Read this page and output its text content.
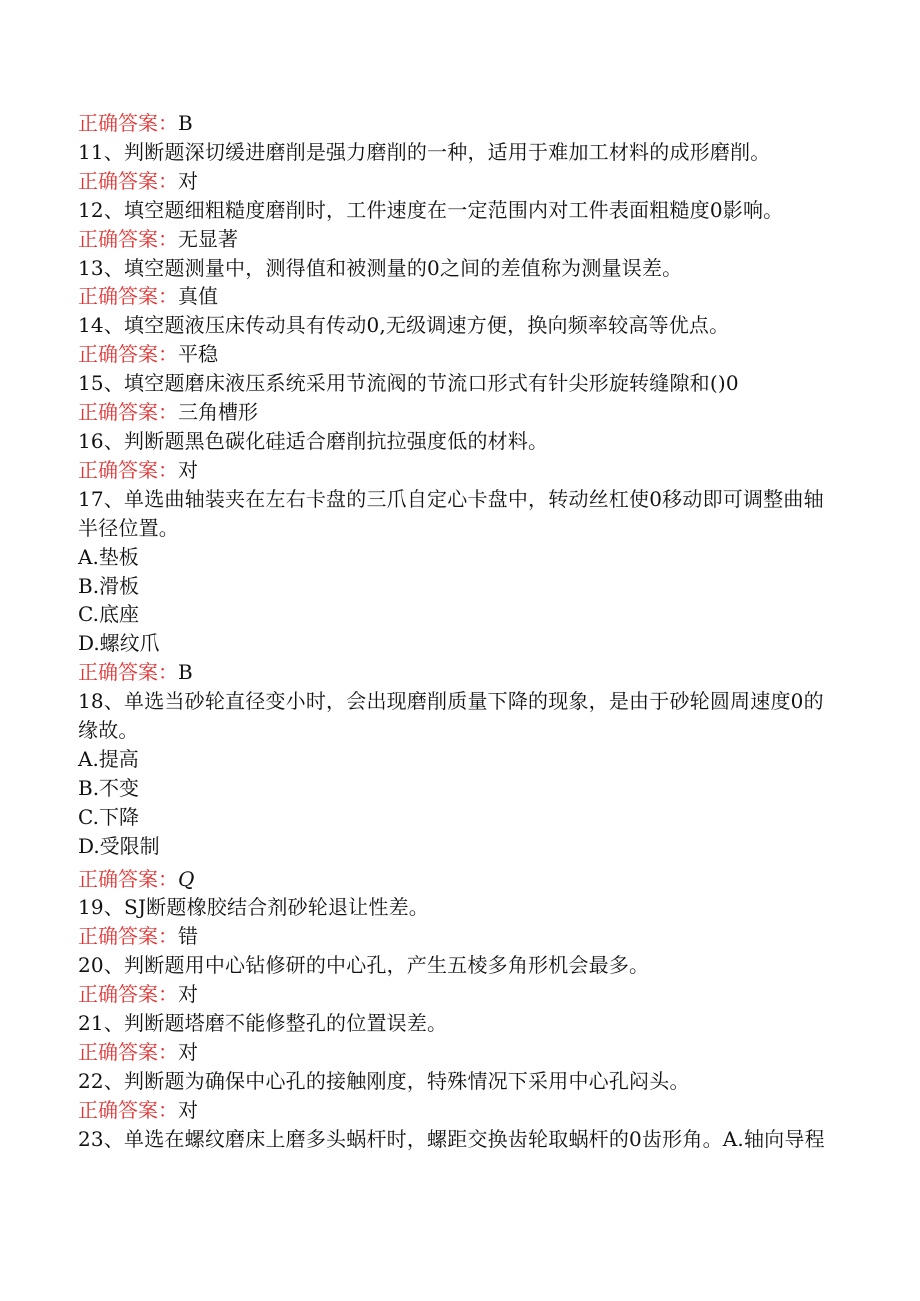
正确答案：B
11、判断题深切缓进磨削是强力磨削的一种，适用于难加工材料的成形磨削。
正确答案：对
12、填空题细粗糙度磨削时，工件速度在一定范围内对工件表面粗糙度0影响。
正确答案：无显著
13、填空题测量中，测得值和被测量的0之间的差值称为测量误差。
正确答案：真值
14、填空题液压床传动具有传动0,无级调速方便，换向频率较高等优点。
正确答案：平稳
15、填空题磨床液压系统采用节流阀的节流口形式有针尖形旋转缝隙和()0
正确答案：三角槽形
16、判断题黑色碳化硅适合磨削抗拉强度低的材料。
正确答案：对
17、单选曲轴装夹在左右卡盘的三爪自定心卡盘中，转动丝杠使0移动即可调整曲轴半径位置。
A.垫板
B.滑板
C.底座
D.螺纹爪
正确答案：B
18、单选当砂轮直径变小时，会出现磨削质量下降的现象，是由于砂轮圆周速度0的缘故。
A.提高
B.不变
C.下降
D.受限制
正确答案：Q
19、SJ断题橡胶结合剂砂轮退让性差。
正确答案：错
20、判断题用中心钻修研的中心孔，产生五棱多角形机会最多。
正确答案：对
21、判断题塔磨不能修整孔的位置误差。
正确答案：对
22、判断题为确保中心孔的接触刚度，特殊情况下采用中心孔闷头。
正确答案：对
23、单选在螺纹磨床上磨多头蜗杆时，螺距交换齿轮取蜗杆的0齿形角。A.轴向导程
